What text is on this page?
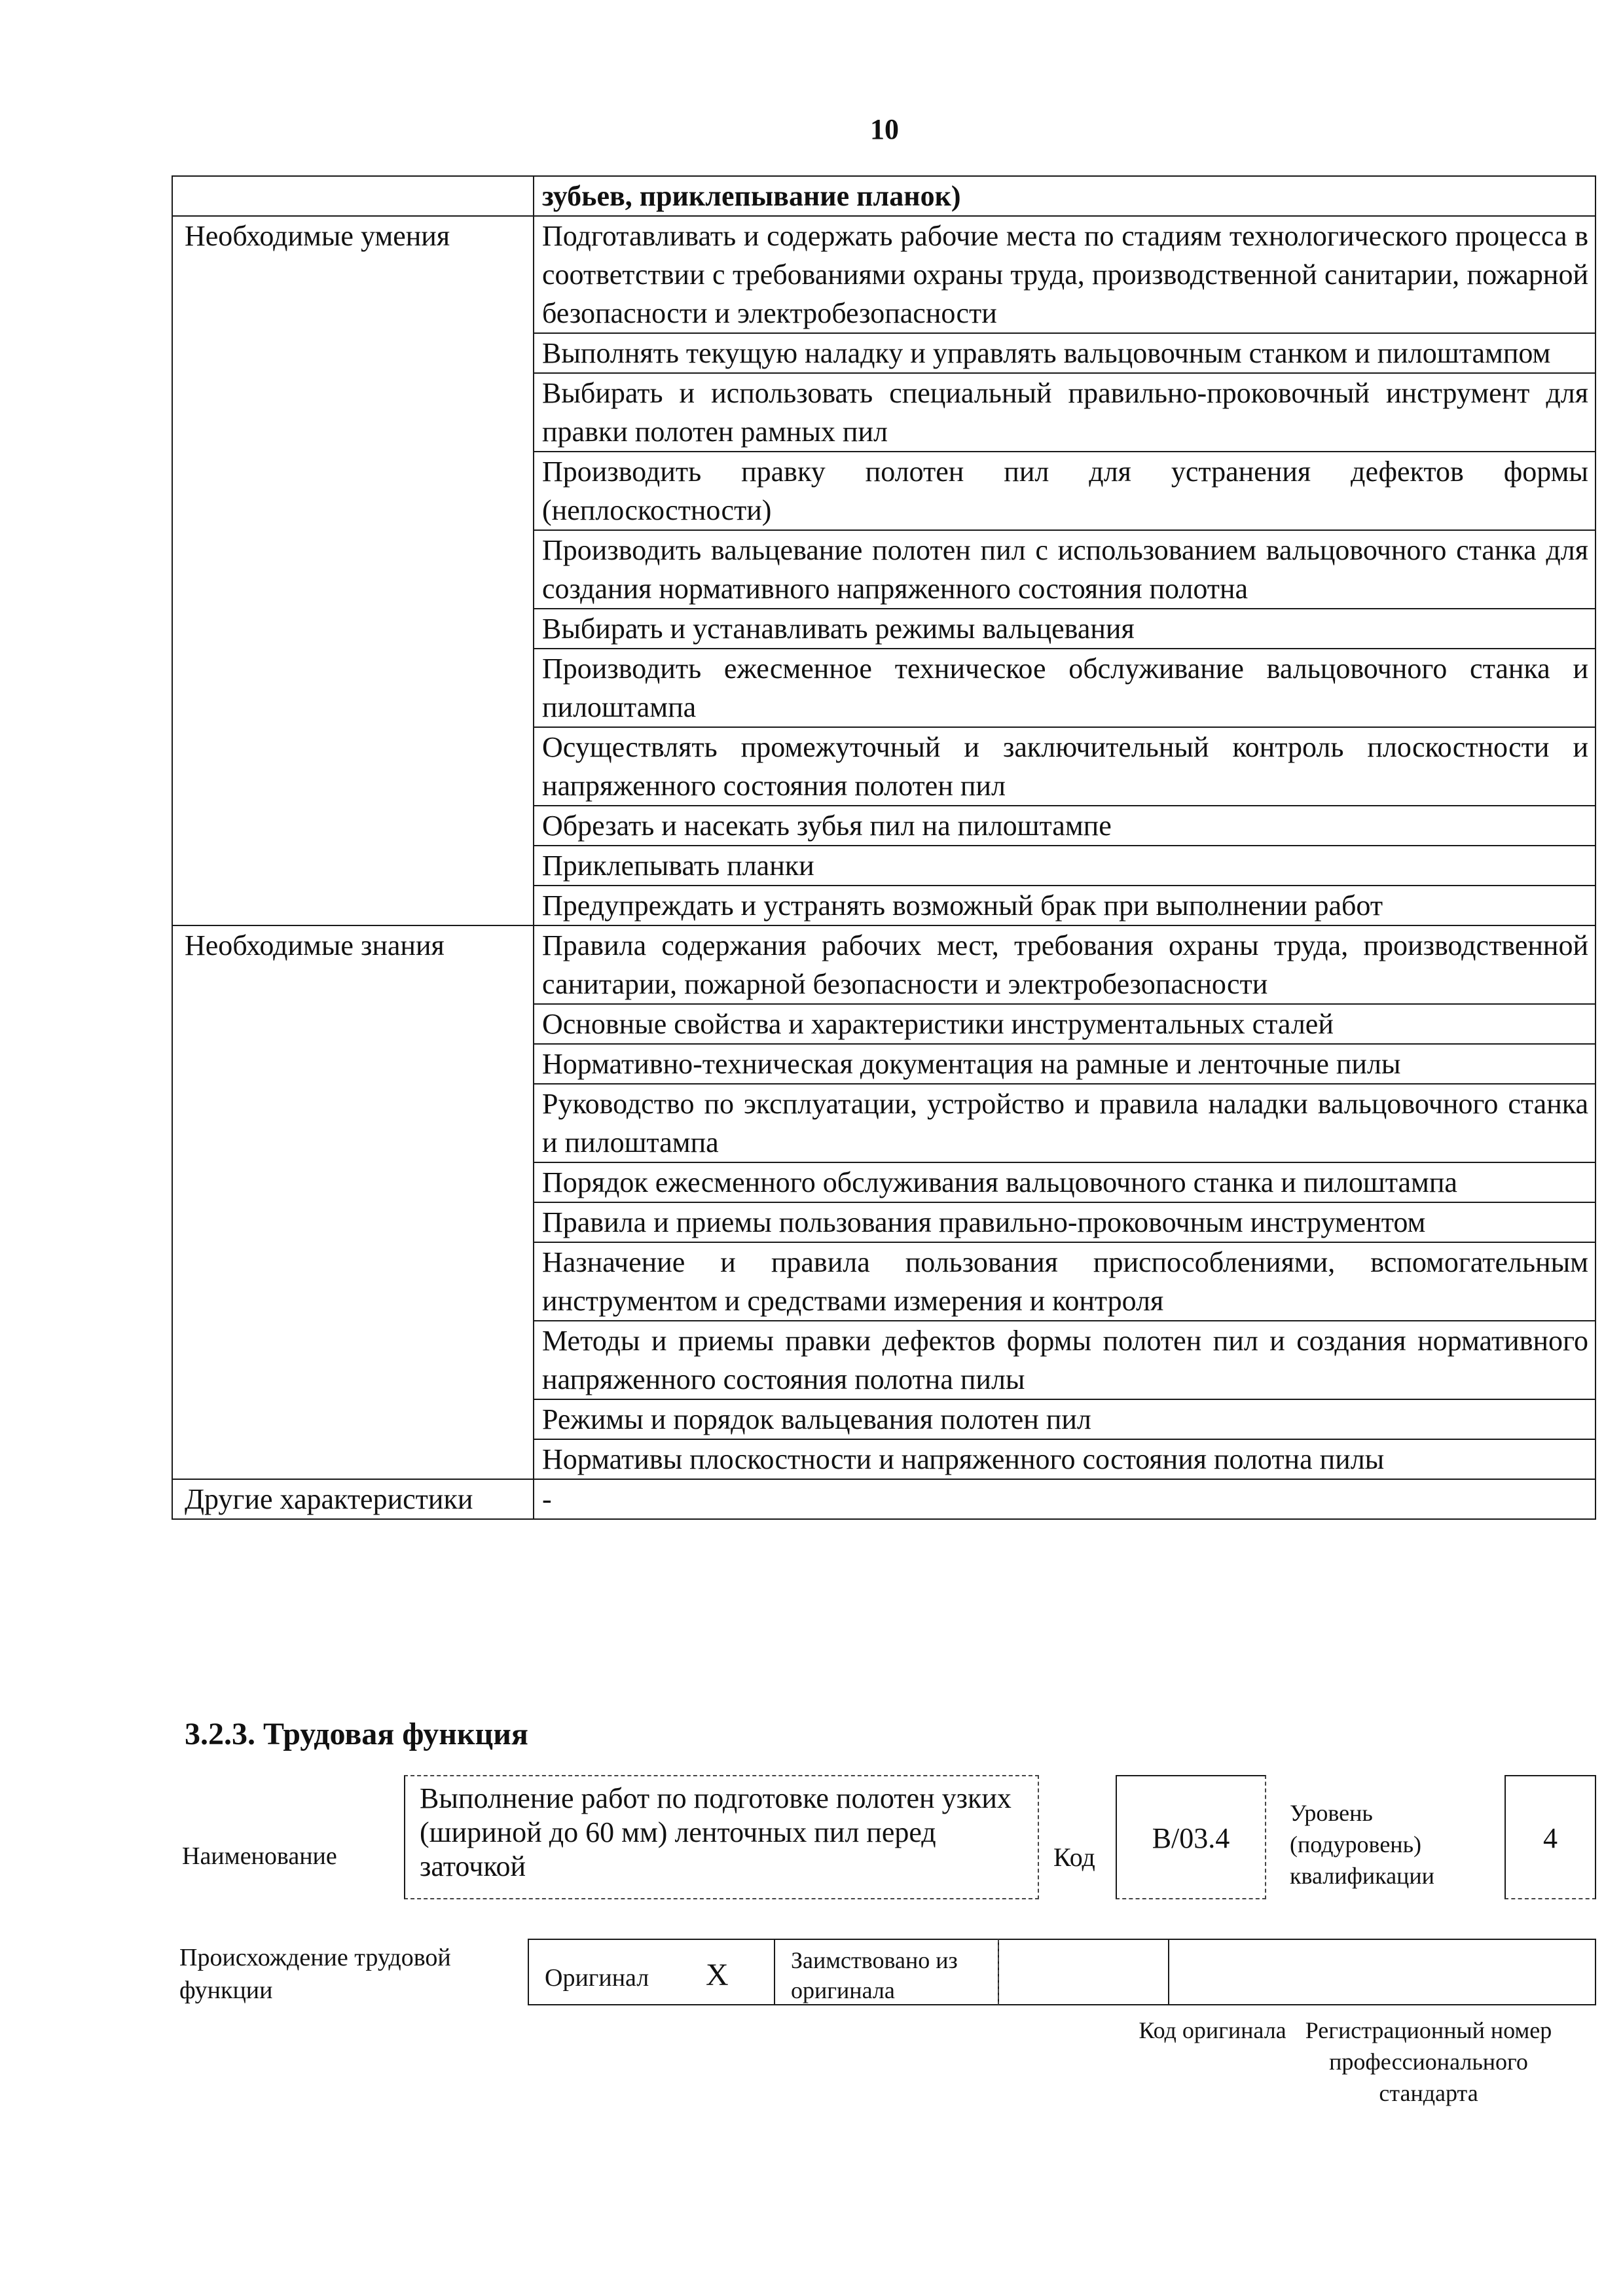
10
	зубьев, приклепывание планок)
Необходимые умения	Подготавливать и содержать рабочие места по стадиям технологического процесса в соответствии с требованиями охраны труда, производственной санитарии, пожарной безопасности и электробезопасности
	Выполнять текущую наладку и управлять вальцовочным станком и пилоштампом
	Выбирать и использовать специальный правильно-проковочный инструмент для правки полотен рамных пил
	Производить правку полотен пил для устранения дефектов формы (неплоскостности)
	Производить вальцевание полотен пил с использованием вальцовочного станка для создания нормативного напряженного состояния полотна
	Выбирать и устанавливать режимы вальцевания
	Производить ежесменное техническое обслуживание вальцовочного станка и пилоштампа
	Осуществлять промежуточный и заключительный контроль плоскостности и напряженного состояния полотен пил
	Обрезать и насекать зубья пил на пилоштампе
	Приклепывать планки
	Предупреждать и устранять возможный брак при выполнении работ
Необходимые знания	Правила содержания рабочих мест, требования охраны труда, производственной санитарии, пожарной безопасности и электробезопасности
	Основные свойства и характеристики инструментальных сталей
	Нормативно-техническая документация на рамные и ленточные пилы
	Руководство по эксплуатации, устройство и правила наладки вальцовочного станка и пилоштампа
	Порядок ежесменного обслуживания вальцовочного станка и пилоштампа
	Правила и приемы пользования правильно-проковочным инструментом
	Назначение и правила пользования приспособлениями, вспомогательным инструментом и средствами измерения и контроля
	Методы и приемы правки дефектов формы полотен пил и создания нормативного напряженного состояния полотна пилы
	Режимы и порядок вальцевания полотен пил
	Нормативы плоскостности и напряженного состояния полотна пилы
Другие характеристики	-
3.2.3. Трудовая функция
Наименование
Выполнение работ по подготовке полотен узких (шириной до 60 мм) ленточных пил перед заточкой	Код
B/03.4
Уровень (подуровень) квалификации
4
Происхождение трудовой функции	Оригинал X	Заимствовано из оригинала
Код оригинала Регистрационный номер профессионального стандарта
